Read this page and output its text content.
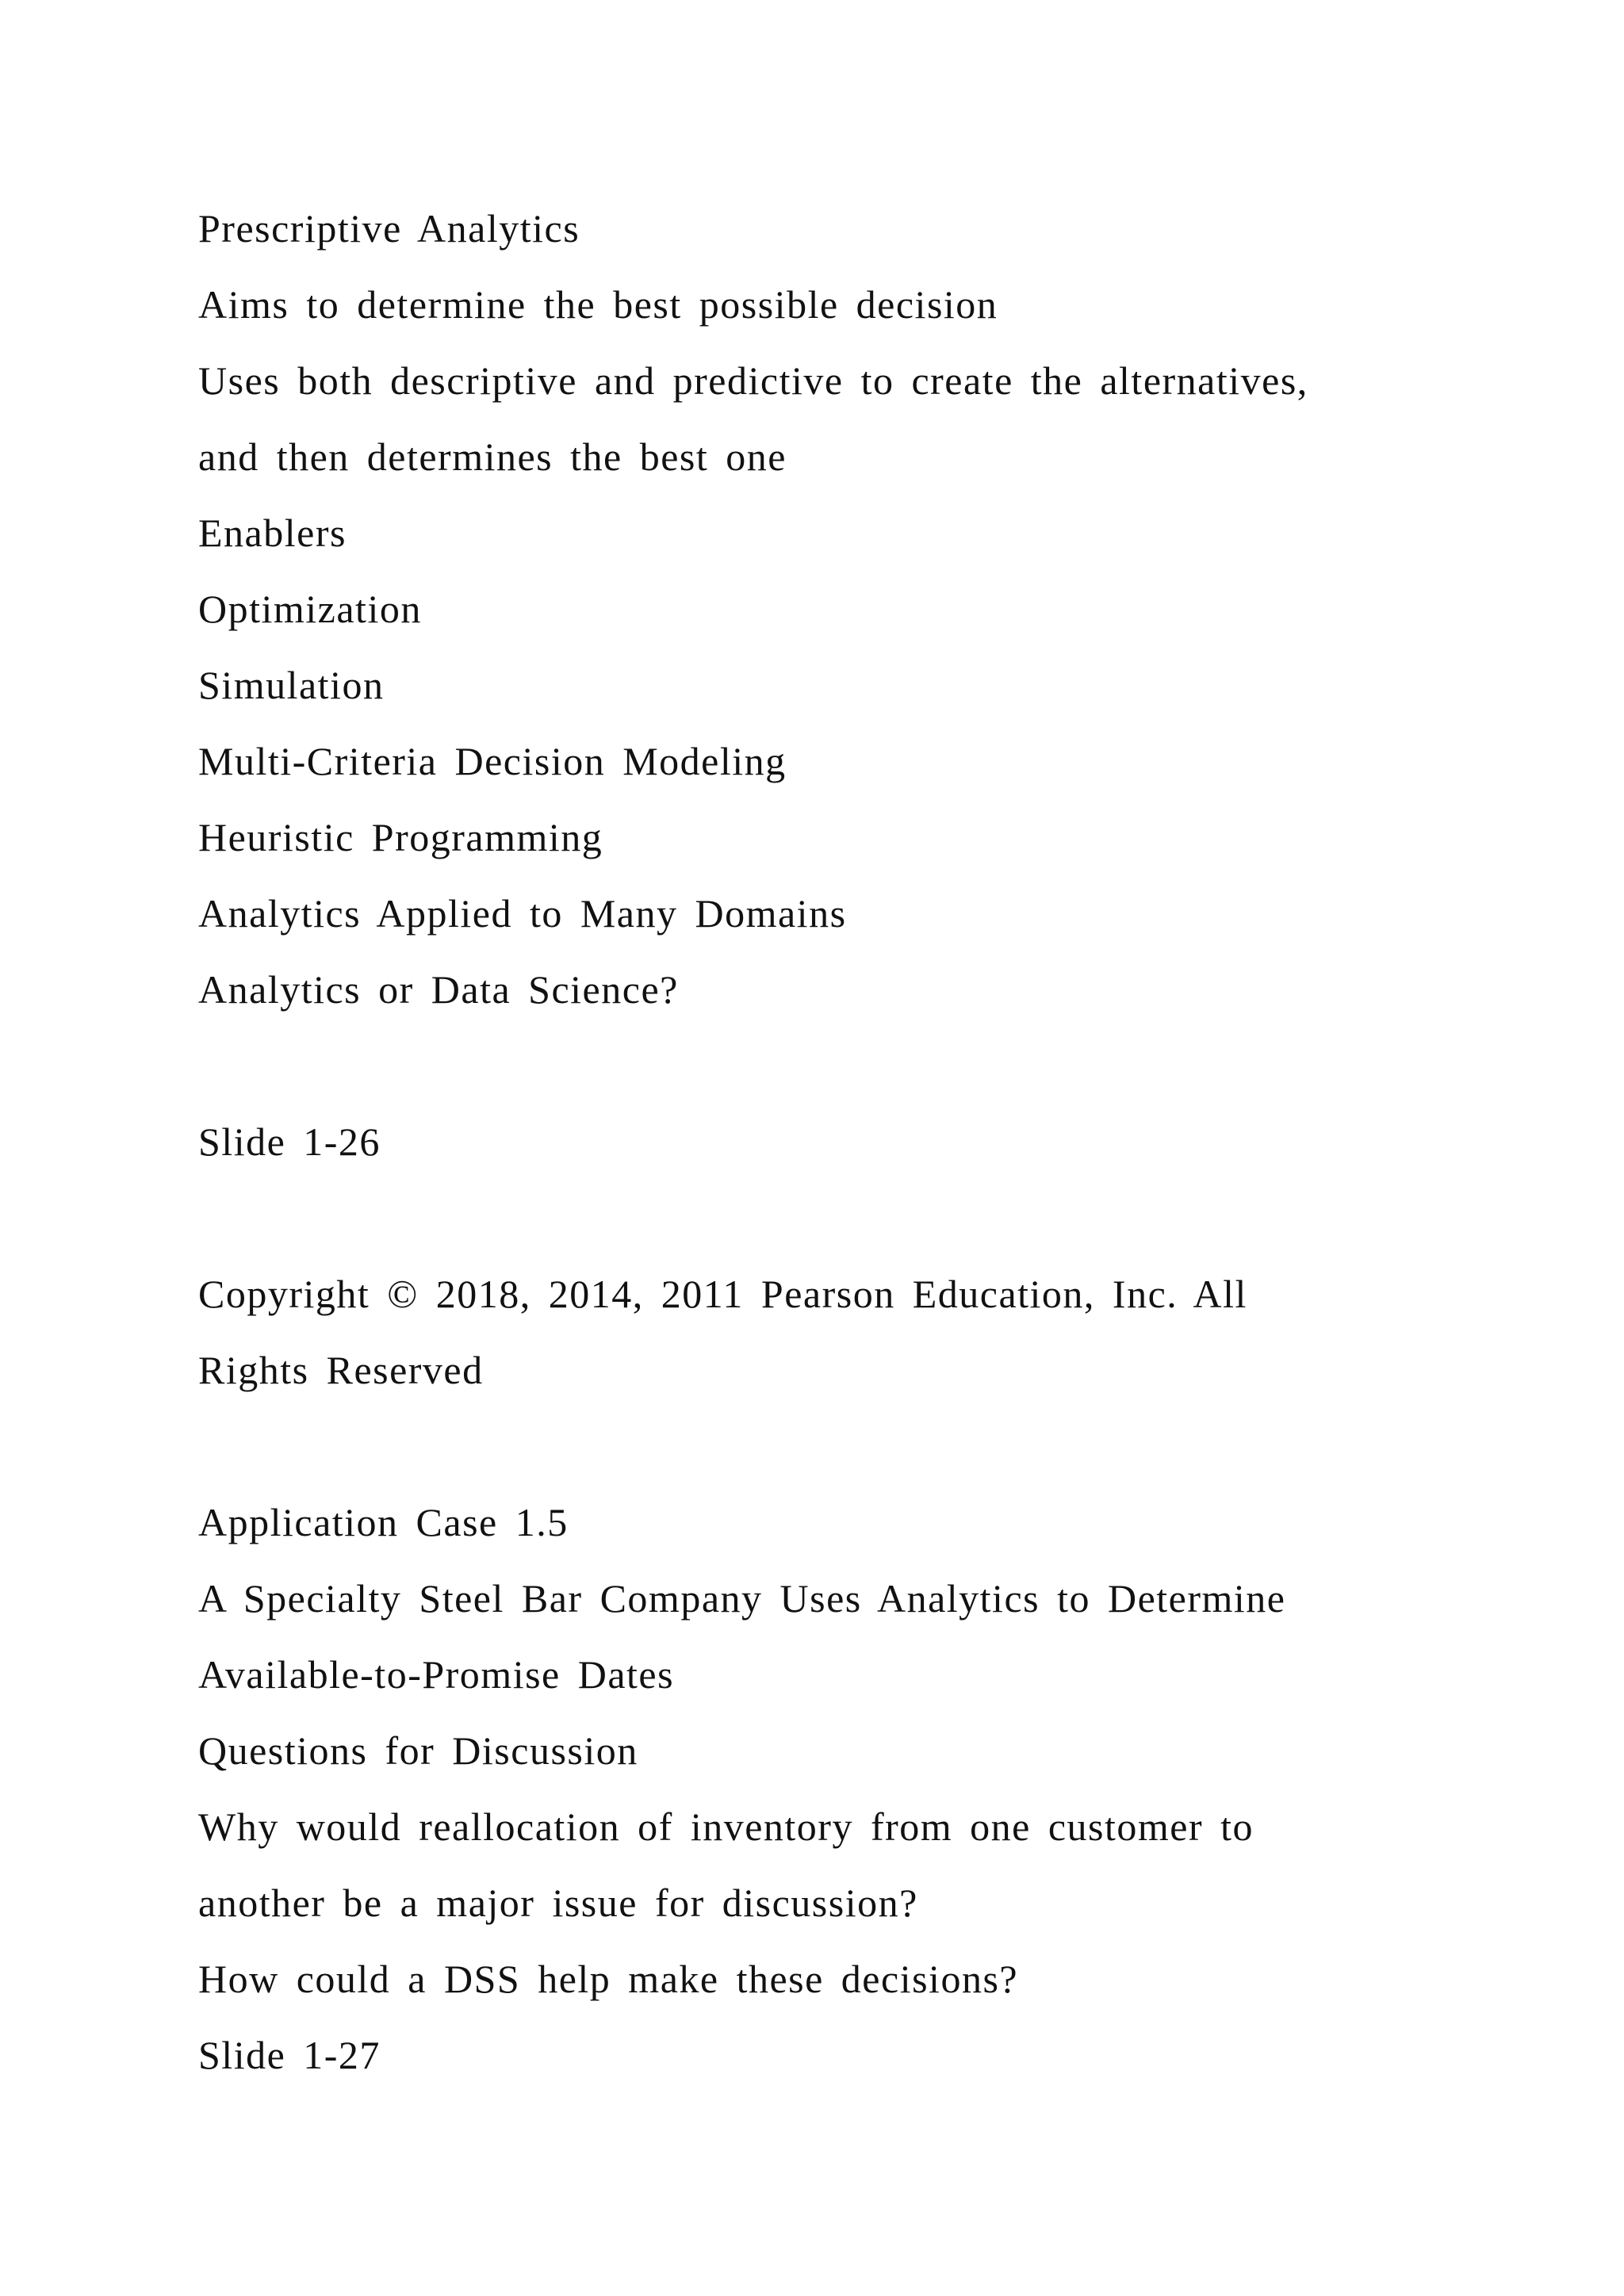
Prescriptive Analytics
Aims to determine the best possible decision
Uses both descriptive and predictive to create the alternatives,
and then determines the best one
Enablers
Optimization
Simulation
Multi-Criteria Decision Modeling
Heuristic Programming
Analytics Applied to Many Domains
Analytics or Data Science?
Slide 1-26
Copyright © 2018, 2014, 2011 Pearson Education, Inc. All
Rights Reserved
Application Case 1.5
A Specialty Steel Bar Company Uses Analytics to Determine
Available-to-Promise Dates
Questions for Discussion
Why would reallocation of inventory from one customer to
another be a major issue for discussion?
How could a DSS help make these decisions?
Slide 1-27
